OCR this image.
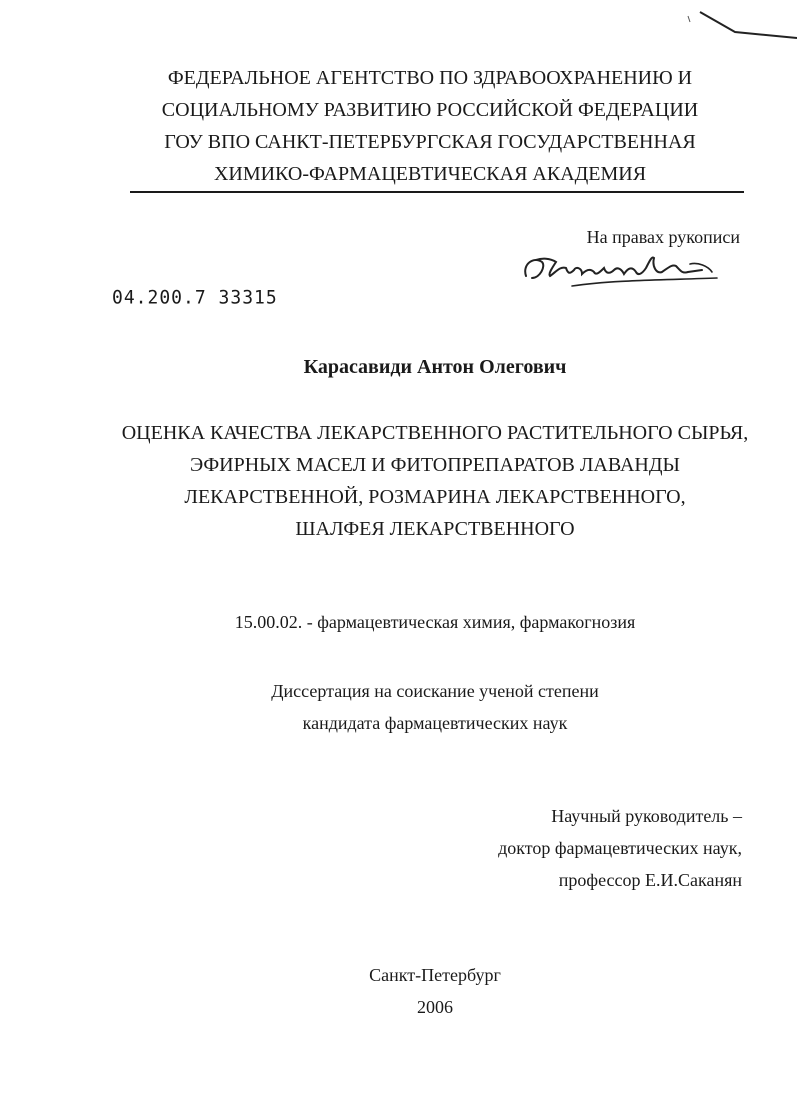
ФЕДЕРАЛЬНОЕ АГЕНТСТВО ПО ЗДРАВООХРАНЕНИЮ И
СОЦИАЛЬНОМУ РАЗВИТИЮ РОССИЙСКОЙ ФЕДЕРАЦИИ
ГОУ ВПО САНКТ-ПЕТЕРБУРГСКАЯ ГОСУДАРСТВЕННАЯ
ХИМИКО-ФАРМАЦЕВТИЧЕСКАЯ АКАДЕМИЯ
На правах рукописи
04.200.7 33315
Карасавиди Антон Олегович
ОЦЕНКА КАЧЕСТВА ЛЕКАРСТВЕННОГО РАСТИТЕЛЬНОГО СЫРЬЯ,
ЭФИРНЫХ МАСЕЛ И ФИТОПРЕПАРАТОВ ЛАВАНДЫ
ЛЕКАРСТВЕННОЙ, РОЗМАРИНА ЛЕКАРСТВЕННОГО,
ШАЛФЕЯ ЛЕКАРСТВЕННОГО
15.00.02. - фармацевтическая химия, фармакогнозия
Диссертация на соискание ученой степени
кандидата фармацевтических наук
Научный руководитель –
доктор фармацевтических наук,
профессор Е.И.Саканян
Санкт-Петербург
2006
